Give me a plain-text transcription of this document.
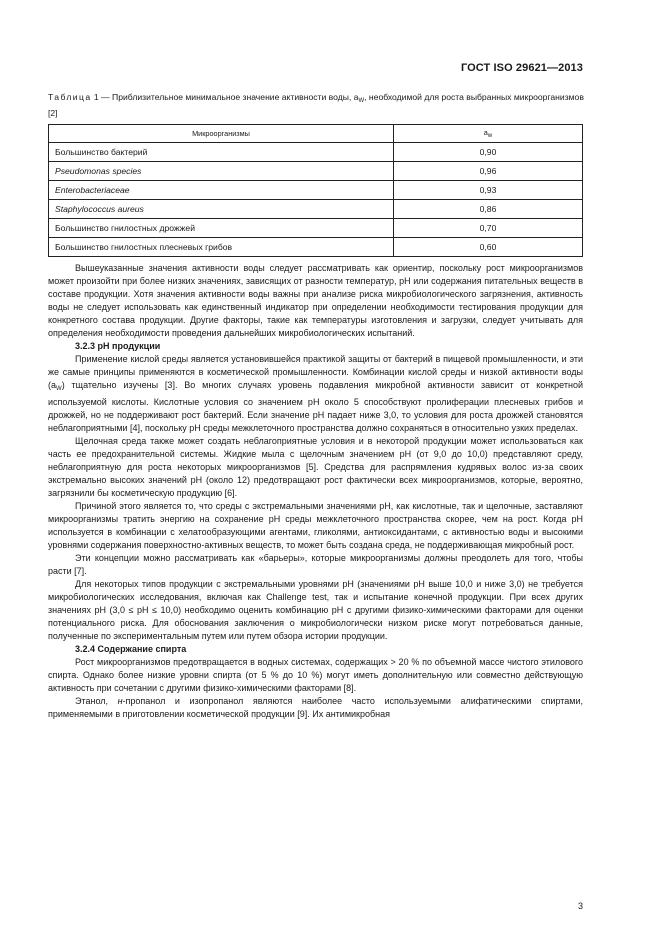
ГОСТ ISO 29621—2013
Таблица 1 — Приблизительное минимальное значение активности воды, $a_W$, необходимой для роста выбранных микроорганизмов [2]
Микроорганизмы	$a_w$
Большинство бактерий	0,90
Pseudomonas species	0,96
Enterobacteriaceae	0,93
Staphylococcus aureus	0,86
Большинство гнилостных дрожжей	0,70
Большинство гнилостных плесневых грибов	0,60

Вышеуказанные значения активности воды следует рассматривать как ориентир, поскольку рост микроорганизмов может произойти при более низких значениях, зависящих от разности температур, pH или содержания питательных веществ в составе продукции. Хотя значения активности воды важны при анализе риска микробиологического загрязнения, активность воды не следует использовать как единственный индикатор при определении необходимости тестирования продукции для конкретного состава продукции. Другие факторы, такие как температуры изготовления и загрузки, следует учитывать для определения необходимости проведения дальнейших микробиологических испытаний.

3.2.3 pH продукции

Применение кислой среды является установившейся практикой защиты от бактерий в пищевой промышленности, и эти же самые принципы применяются в косметической промышленности. Комбинации кислой среды и низкой активности воды $(a_W)$ тщательно изучены [3]. Во многих случаях уровень подавления микробной активности зависит от конкретной используемой кислоты. Кислотные условия со значением pH около 5 способствуют пролиферации плесневых грибов и дрожжей, но не поддерживают рост бактерий. Если значение pH падает ниже 3,0, то условия для роста дрожжей становятся неблагоприятными [4], поскольку pH среды межклеточного пространства должно сохраняться в относительно узких пределах.

Щелочная среда также может создать неблагоприятные условия и в некоторой продукции может использоваться как часть ее предохранительной системы. Жидкие мыла с щелочным значением pH (от 9,0 до 10,0) представляют среду, неблагоприятную для роста некоторых микроорганизмов [5]. Средства для распрямления кудрявых волос из-за своих экстремально высоких значений pH (около 12) предотвращают рост фактически всех микроорганизмов, которые, вероятно, загрязнили бы косметическую продукцию [6].

Причиной этого является то, что среды с экстремальными значениями pH, как кислотные, так и щелочные, заставляют микроорганизмы тратить энергию на сохранение pH среды межклеточного пространства скорее, чем на рост. Когда pH используется в комбинации с хелатообразующими агентами, гликолями, антиоксидантами, с активностью воды и высокими уровнями содержания поверхностно-активных веществ, то может быть создана среда, не поддерживающая микробный рост.

Эти концепции можно рассматривать как «барьеры», которые микроорганизмы должны преодолеть для того, чтобы расти [7].

Для некоторых типов продукции с экстремальными уровнями pH (значениями pH выше 10,0 и ниже 3,0) не требуется микробиологических исследования, включая как Challenge test, так и испытание конечной продукции. При всех других значениях pH (3,0 ≤ pH ≤ 10,0) необходимо оценить комбинацию pH с другими физико-химическими факторами для оценки потенциального риска. Для обоснования заключения о микробиологически низком риске могут потребоваться данные, полученные по экспериментальным путем или путем обзора истории продукции.

3.2.4 Содержание спирта

Рост микроорганизмов предотвращается в водных системах, содержащих > 20 % по объемной массе чистого этилового спирта. Однако более низкие уровни спирта (от 5 % до 10 %) могут иметь дополнительную или совместно действующую активность при сочетании с другими физико-химическими факторами [8].

Этанол, н-пропанол и изопропанол являются наиболее часто используемыми алифатическими спиртами, применяемыми в приготовлении косметической продукции [9]. Их антимикробная

3
